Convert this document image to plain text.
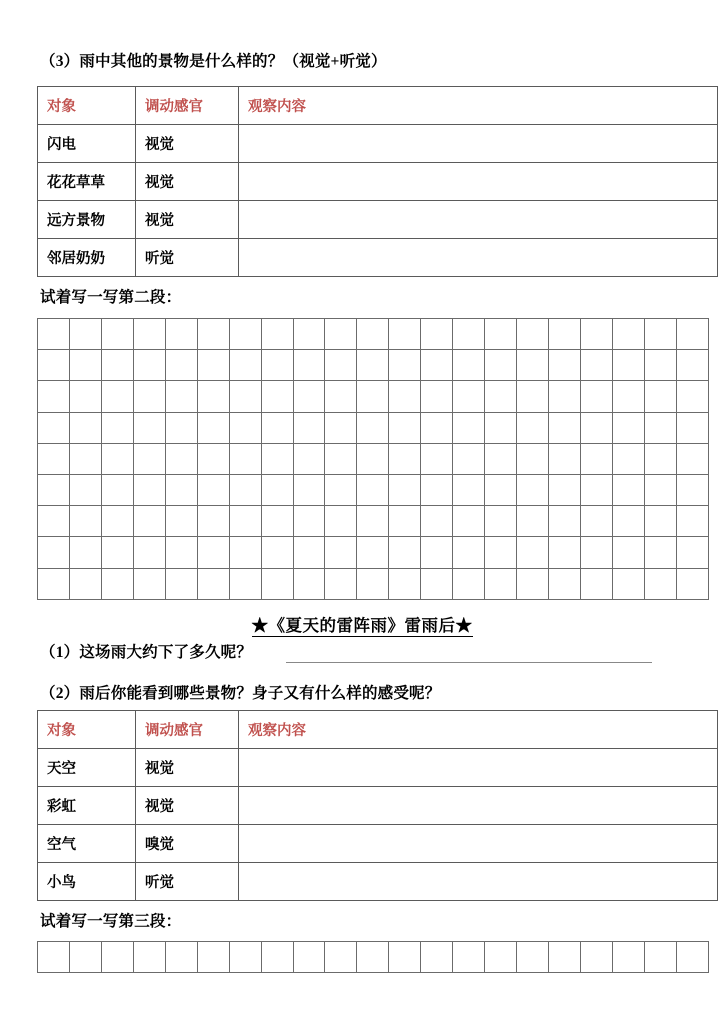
（3）雨中其他的景物是什么样的？（视觉+听觉）
对象	调动感官	观察内容
闪电	视觉	
花花草草	视觉	
远方景物	视觉	
邻居奶奶	听觉	
试着写一写第二段：

★《夏天的雷阵雨》雷雨后★
（1）这场雨大约下了多久呢？
（2）雨后你能看到哪些景物？身子又有什么样的感受呢？
对象	调动感官	观察内容
天空	视觉	
彩虹	视觉	
空气	嗅觉	
小鸟	听觉	
试着写一写第三段：
